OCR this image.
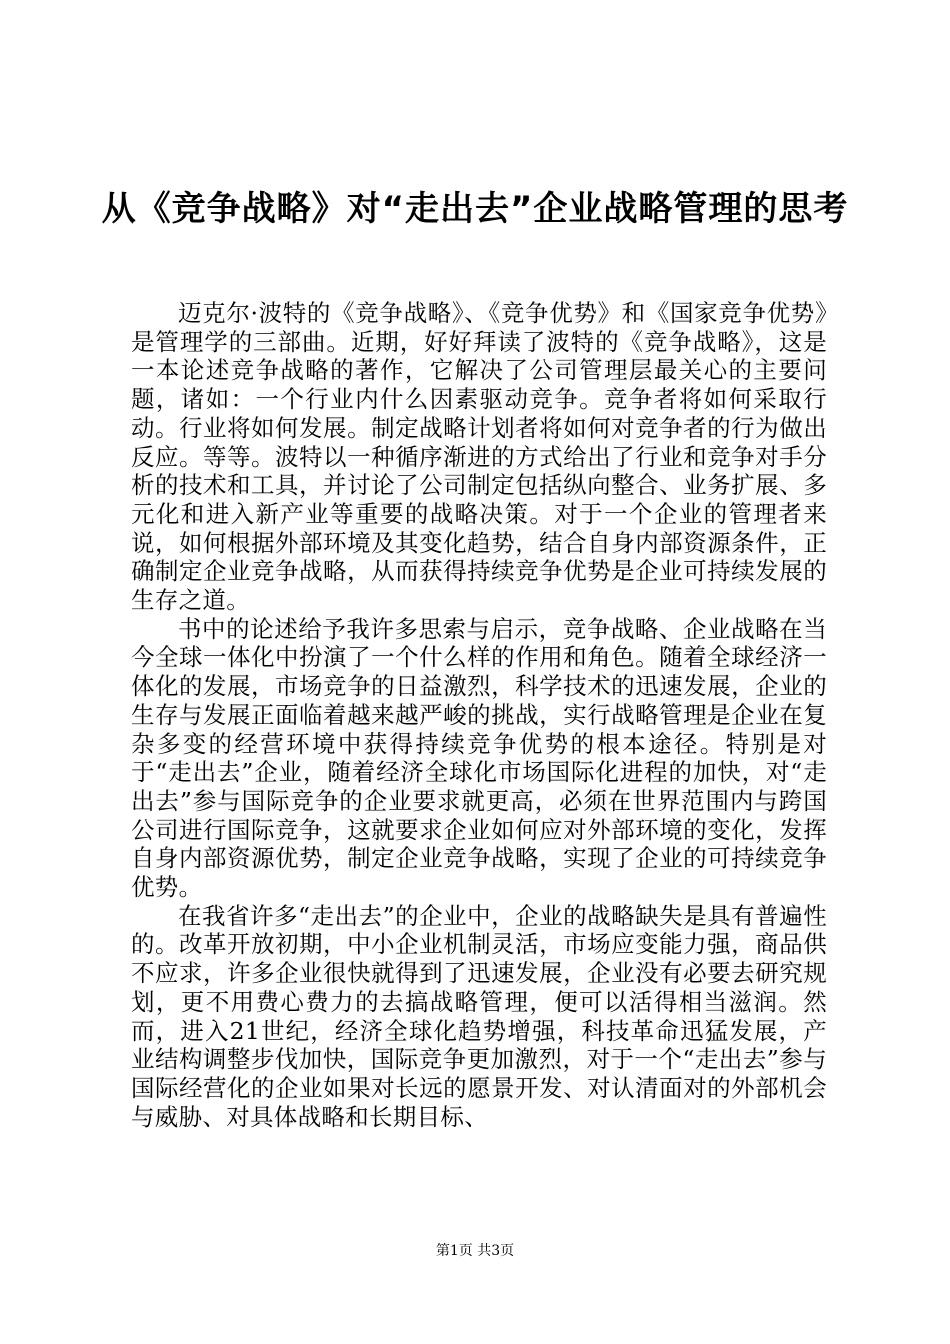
从《竞争战略》对“走出去”企业战略管理的思考

迈克尔·波特的《竞争战略》、《竞争优势》和《国家竞争优势》是管理学的三部曲。近期，好好拜读了波特的《竞争战略》，这是一本论述竞争战略的著作，它解决了公司管理层最关心的主要问题，诸如：一个行业内什么因素驱动竞争。竞争者将如何采取行动。行业将如何发展。制定战略计划者将如何对竞争者的行为做出反应。等等。波特以一种循序渐进的方式给出了行业和竞争对手分析的技术和工具，并讨论了公司制定包括纵向整合、业务扩展、多元化和进入新产业等重要的战略决策。对于一个企业的管理者来说，如何根据外部环境及其变化趋势，结合自身内部资源条件，正确制定企业竞争战略，从而获得持续竞争优势是企业可持续发展的生存之道。

书中的论述给予我许多思索与启示，竞争战略、企业战略在当今全球一体化中扮演了一个什么样的作用和角色。随着全球经济一体化的发展，市场竞争的日益激烈，科学技术的迅速发展，企业的生存与发展正面临着越来越严峻的挑战，实行战略管理是企业在复杂多变的经营环境中获得持续竞争优势的根本途径。特别是对于“走出去”企业，随着经济全球化市场国际化进程的加快，对“走出去”参与国际竞争的企业要求就更高，必须在世界范围内与跨国公司进行国际竞争，这就要求企业如何应对外部环境的变化，发挥自身内部资源优势，制定企业竞争战略，实现了企业的可持续竞争优势。

在我省许多“走出去”的企业中，企业的战略缺失是具有普遍性的。改革开放初期，中小企业机制灵活，市场应变能力强，商品供不应求，许多企业很快就得到了迅速发展，企业没有必要去研究规划，更不用费心费力的去搞战略管理，便可以活得相当滋润。然而，进入21世纪，经济全球化趋势增强，科技革命迅猛发展，产业结构调整步伐加快，国际竞争更加激烈，对于一个“走出去”参与国际经营化的企业如果对长远的愿景开发、对认清面对的外部机会与威胁、对具体战略和长期目标、

第1页 共3页
